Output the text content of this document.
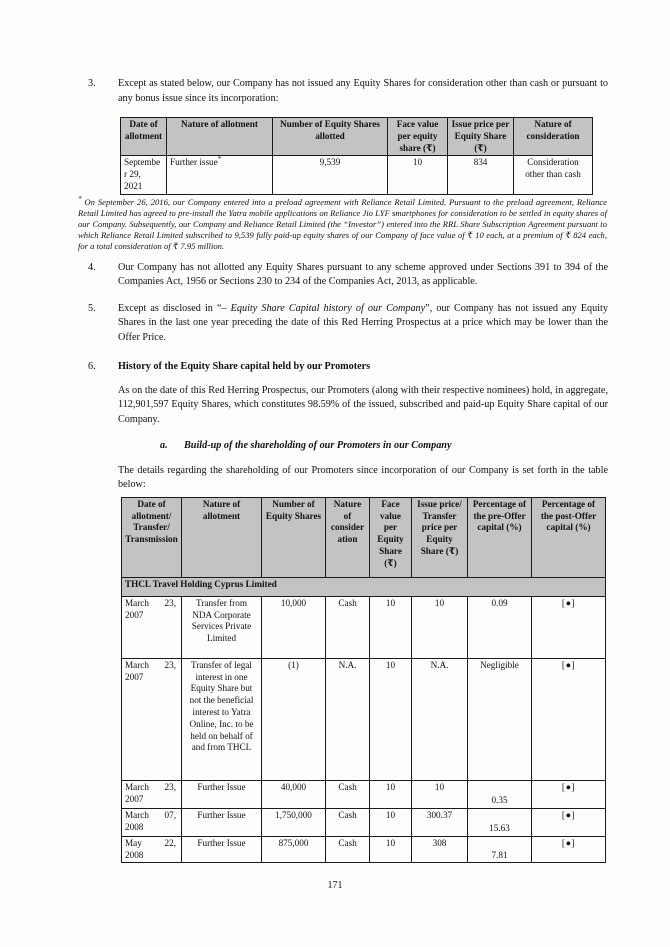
3.	Except as stated below, our Company has not issued any Equity Shares for consideration other than cash or pursuant to any bonus issue since its incorporation:
Date of allotment	Nature of allotment	Number of Equity Shares allotted	Face value per equity share (₹)	Issue price per Equity Share (₹)	Nature of consideration
September 29, 2021	Further issue*	9,539	10	834	Consideration other than cash
* On September 26, 2016, our Company entered into a preload agreement with Reliance Retail Limited. Pursuant to the preload agreement, Reliance Retail Limited has agreed to pre-install the Yatra mobile applications on Reliance Jio LYF smartphones for consideration to be settled in equity shares of our Company. Subsequently, our Company and Reliance Retail Limited (the “Investor”) entered into the RRL Share Subscription Agreement pursuant to which Reliance Retail Limited subscribed to 9,539 fully paid-up equity shares of our Company of face value of ₹ 10 each, at a premium of ₹ 824 each, for a total consideration of ₹ 7.95 million.
4.	Our Company has not allotted any Equity Shares pursuant to any scheme approved under Sections 391 to 394 of the Companies Act, 1956 or Sections 230 to 234 of the Companies Act, 2013, as applicable.
5.	Except as disclosed in “– Equity Share Capital history of our Company”, our Company has not issued any Equity Shares in the last one year preceding the date of this Red Herring Prospectus at a price which may be lower than the Offer Price.
6.	History of the Equity Share capital held by our Promoters
As on the date of this Red Herring Prospectus, our Promoters (along with their respective nominees) hold, in aggregate, 112,901,597 Equity Shares, which constitutes 98.59% of the issued, subscribed and paid-up Equity Share capital of our Company.
a.	Build-up of the shareholding of our Promoters in our Company
The details regarding the shareholding of our Promoters since incorporation of our Company is set forth in the table below:
Date of allotment/ Transfer/ Transmission	Nature of allotment	Number of Equity Shares	Nature of consideration	Face value per Equity Share (₹)	Issue price/ Transfer price per Equity Share (₹)	Percentage of the pre-Offer capital (%)	Percentage of the post-Offer capital (%)
THCL Travel Holding Cyprus Limited							
March 23, 2007	Transfer from NDA Corporate Services Private Limited	10,000	Cash	10	10	0.09	[●]
March 23, 2007	Transfer of legal interest in one Equity Share but not the beneficial interest to Yatra Online, Inc. to be held on behalf of and from THCL	(1)	N.A.	10	N.A.	Negligible	[●]
March 23, 2007	Further Issue	40,000	Cash	10	10	0.35	[●]
March 07, 2008	Further Issue	1,750,000	Cash	10	300.37	15.63	[●]
May 22, 2008	Further Issue	875,000	Cash	10	308	7.81	[●]
171
